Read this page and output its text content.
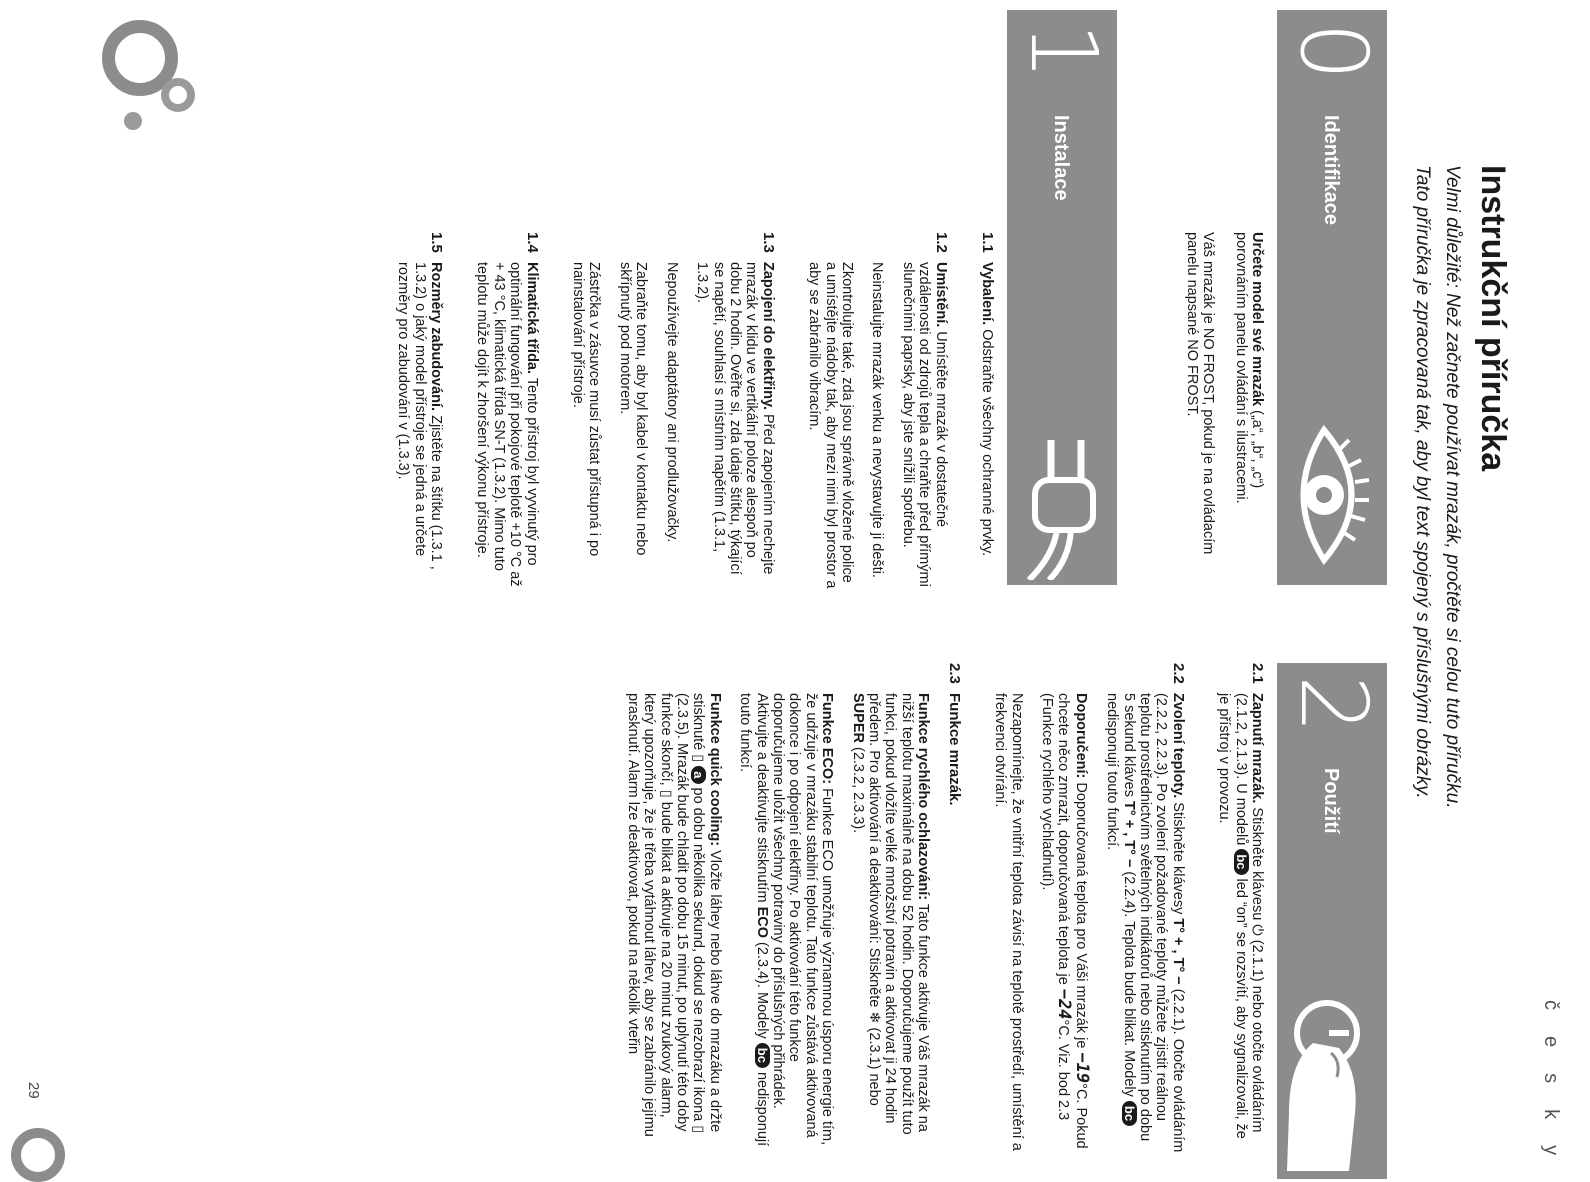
česky
Instrukční příručka

Velmi důležité: Než začnete používat mrazák, pročtěte si celou tuto příručku.

Tato příručka je zpracovaná tak, aby byl text spojený s příslušnými obrázky.

0
Identifikace
1
Instalace
2
Použití

Určete model své mrazák („a“, „b“, „c“) porovnáním panelu ovládání s ilustracemi.

Váš mrazák je NO FROST, pokud je na ovládacím panelu napsané NO FROST.

1.1

Vybalení. Odstraňte všechny ochranné prvky.

1.2

Umístění. Umístěte mrazák v dostatečné vzdálenosti od zdrojů tepla a chraňte před přímými slunečními paprsky, aby jste snížili spotřebu.

Neinstalujte mrazák venku a nevystavujte ji dešti.

Zkontrolujte také, zda jsou správně vložené police a umístějte nádoby tak, aby mezi nimi byl prostor a aby se zabránilo vibracím.

1.3

Zapojení do elektřiny. Před zapojením nechejte mrazák v klidu ve vertikální poloze alespoň po dobu 2 hodin. Ověřte si, zda údaje štítku, týkající se napětí, souhlasí s místním napětím (1.3.1, 1.3.2).

Nepoužívejte adaptátory ani prodlužovačky.

Zabraňte tomu, aby byl kabel v kontaktu nebo skřípnutý pod motorem.

Zástrčka v zásuvce musí zůstat přístupná i po nainstalování přístroje.

1.4

Klimatická třída. Tento přístroj byl vyvinutý pro optimální fungování při pokojové teplotě +10 °C až + 43 °C, klimatická třída SN-T (1.3.2). Mimo tuto teplotu může dojít k zhoršení výkonu přístroje.

1.5

Rozměry zabudování. Zjistěte na štítku (1.3.1 , 1.3.2) o jaký model přístroje se jedná a určete rozměry pro zabudování v (1.3.3).

2.1

Zapnutí mrazák. Stiskněte klávesu ⏻ (2.1.1) nebo otočte ovládáním (2.1.2, 2.1.3). U modelů bc led “on” se rozsvítí, aby sygnalizovali, že je přístroj v provozu.

2.2

Zvolení teploty. Stiskněte klávesy T° + , T° − (2.2.1). Otočte ovládáním (2.2.2, 2.2.3). Po zvolení požadované teploty můžete zjistit reálnou teplotu prostřednictvím světelných indikátorů nebo stisknutím po dobu 5 sekund kláves T° + , T° − (2.2.4). Teplota bude blikat. Modely bc nedisponují touto funkcí.

Doporučení: Doporučovaná teplota pro Váši mrazák je −19°C. Pokud chcete něco zmrazit, doporučovaná teplota je −24°C. Viz. bod 2.3 (Funkce rychlého vychladnutí).

Nezapomínejte, že vnitřní teplota závisí na teplotě prostředí, umístění a frekvenci otvírání.

2.3
Funkce mrazák.

Funkce rychlého ochlazování: Tato funkce aktivuje Váš mrazák na nižší teplotu maximálně na dobu 52 hodin. Doporučujeme použít tuto funkci, pokud vložíte velké množství potravin a aktivovat ji 24 hodin předem. Pro aktivování a deaktivování: Stiskněte ❄ (2.3.1) nebo SUPER (2.3.2, 2.3.3).

Funkce ECO: Funkce ECO umožňuje významnou úsporu energie tím, že udržuje v mrazáku stabilní teplotu. Tato funkce zůstává aktivovaná dokonce i po odpojení elektřiny. Po aktivování této funkce doporučujeme uložit všechny potraviny do příslušných přihrádek. Aktivujte a deaktivujte stisknutím ECO (2.3.4). Modely bc nedisponují touto funkcí.

Funkce quick cooling: Vložte láhey nebo láhve do mrazáku a držte stisknuté ▯ a po dobu několika sekund, dokud se nezobrazí ikona ▯ (2.3.5). Mrazák bude chladit po dobu 15 minut, po uplynutí této doby funkce skončí, ▯ bude blikat a aktivuje na 20 minut zvukový alarm, který upozorňuje, že je třeba vytáhnout láhev, aby se zabránilo jejímu prasknutí. Alarm lze deaktivovat, pokud na několik vteřin

29
